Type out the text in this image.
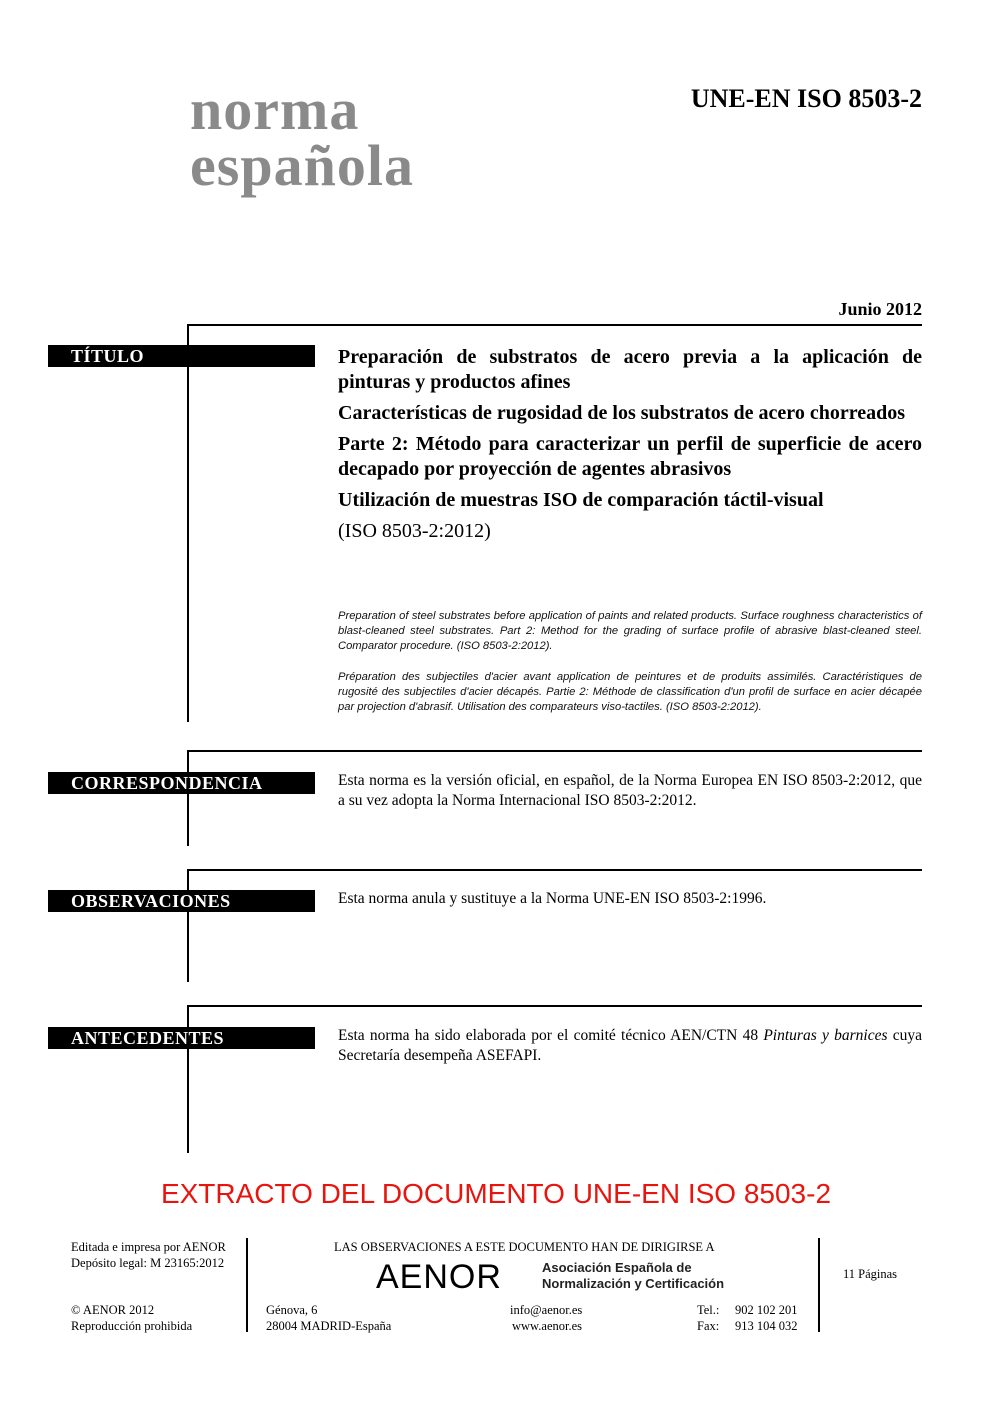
norma
española
UNE-EN ISO 8503-2
Junio 2012
TÍTULO	Preparación de substratos de acero previa a la aplicación de pinturas y productos afines
Características de rugosidad de los substratos de acero chorreados
Parte 2: Método para caracterizar un perfil de superficie de acero decapado por proyección de agentes abrasivos
Utilización de muestras ISO de comparación táctil-visual
(ISO 8503-2:2012)
Preparation of steel substrates before application of paints and related products. Surface roughness characteristics of blast-cleaned steel substrates. Part 2: Method for the grading of surface profile of abrasive blast-cleaned steel. Comparator procedure. (ISO 8503-2:2012).
Préparation des subjectiles d'acier avant application de peintures et de produits assimilés. Caractéristiques de rugosité des subjectiles d'acier décapés. Partie 2: Méthode de classification d'un profil de surface en acier décapée par projection d'abrasif. Utilisation des comparateurs viso-tactiles. (ISO 8503-2:2012).
CORRESPONDENCIA	Esta norma es la versión oficial, en español, de la Norma Europea EN ISO 8503-2:2012, que a su vez adopta la Norma Internacional ISO 8503-2:2012.
OBSERVACIONES	Esta norma anula y sustituye a la Norma UNE-EN ISO 8503-2:1996.
ANTECEDENTES	Esta norma ha sido elaborada por el comité técnico AEN/CTN 48 Pinturas y barnices cuya Secretaría desempeña ASEFAPI.
EXTRACTO DEL DOCUMENTO UNE-EN ISO 8503-2
Editada e impresa por AENOR
Depósito legal: M 23165:2012
© AENOR 2012
Reproducción prohibida
LAS OBSERVACIONES A ESTE DOCUMENTO HAN DE DIRIGIRSE A
AENOR	Asociación Española de
Normalización y Certificación
Génova, 6
28004 MADRID-España
info@aenor.es
www.aenor.es
Tel.: 902 102 201
Fax: 913 104 032
11 Páginas
